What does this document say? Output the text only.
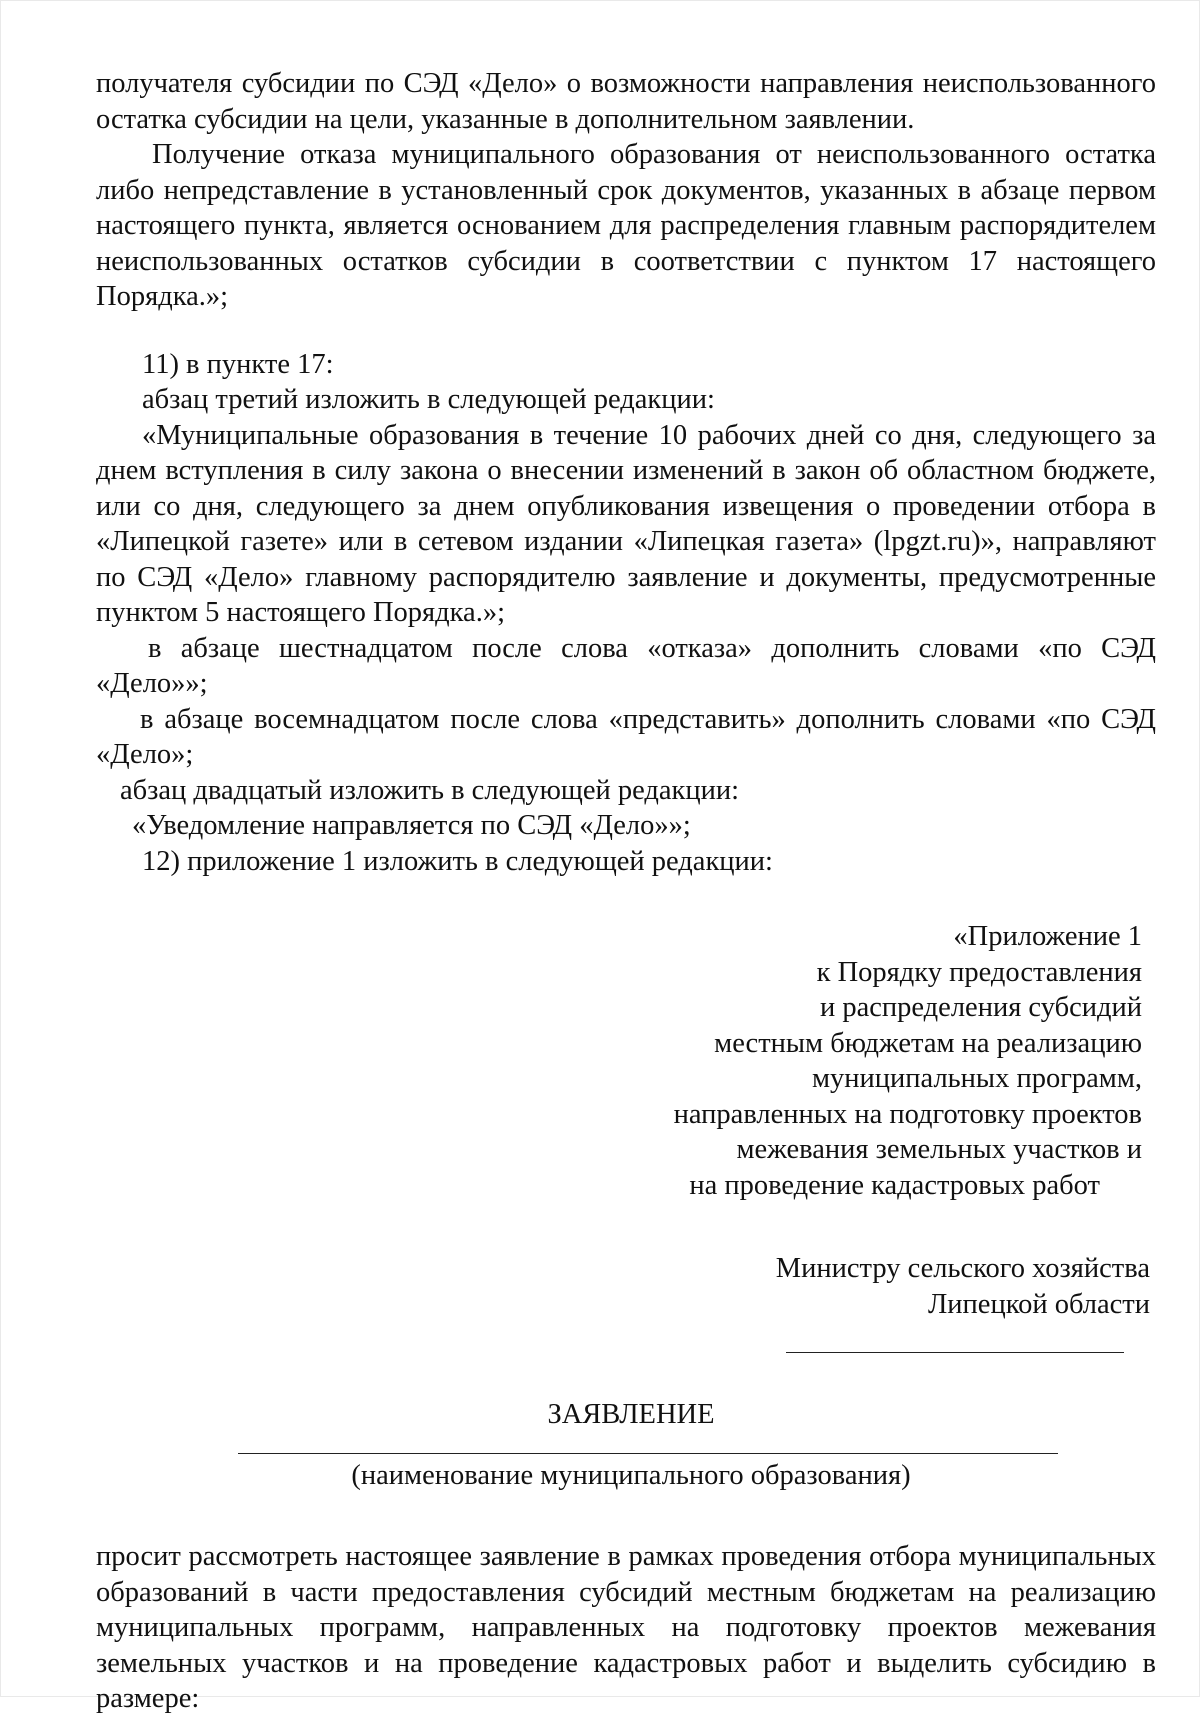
получателя субсидии по СЭД «Дело» о возможности направления неиспользованного остатка субсидии на цели, указанные в дополнительном заявлении.

Получение отказа муниципального образования от неиспользованного остатка либо непредставление в установленный срок документов, указанных в абзаце первом настоящего пункта, является основанием для распределения главным распорядителем неиспользованных остатков субсидии в соответствии с пунктом 17 настоящего Порядка.»;

11) в пункте 17:

абзац третий изложить в следующей редакции:

«Муниципальные образования в течение 10 рабочих дней со дня, следующего за днем вступления в силу закона о внесении изменений в закон об областном бюджете, или со дня, следующего за днем опубликования извещения о проведении отбора в «Липецкой газете» или в сетевом издании «Липецкая газета» (lpgzt.ru)», направляют по СЭД «Дело» главному распорядителю заявление и документы, предусмотренные пунктом 5 настоящего Порядка.»;

в абзаце шестнадцатом после слова «отказа» дополнить словами «по СЭД «Дело»»;

в абзаце восемнадцатом после слова «представить» дополнить словами «по СЭД «Дело»;

абзац двадцатый изложить в следующей редакции:

«Уведомление направляется по СЭД «Дело»»;

12) приложение 1 изложить в следующей редакции:

«Приложение 1
к Порядку предоставления
и распределения субсидий
местным бюджетам на реализацию
муниципальных программ,
направленных на подготовку проектов
межевания земельных участков и
на проведение кадастровых работ
Министру сельского хозяйства
Липецкой области
ЗАЯВЛЕНИЕ
(наименование муниципального образования)

просит рассмотреть настоящее заявление в рамках проведения отбора муниципальных образований в части предоставления субсидий местным бюджетам на реализацию муниципальных программ, направленных на подготовку проектов межевания земельных участков и на проведение кадастровых работ и выделить субсидию в размере:
